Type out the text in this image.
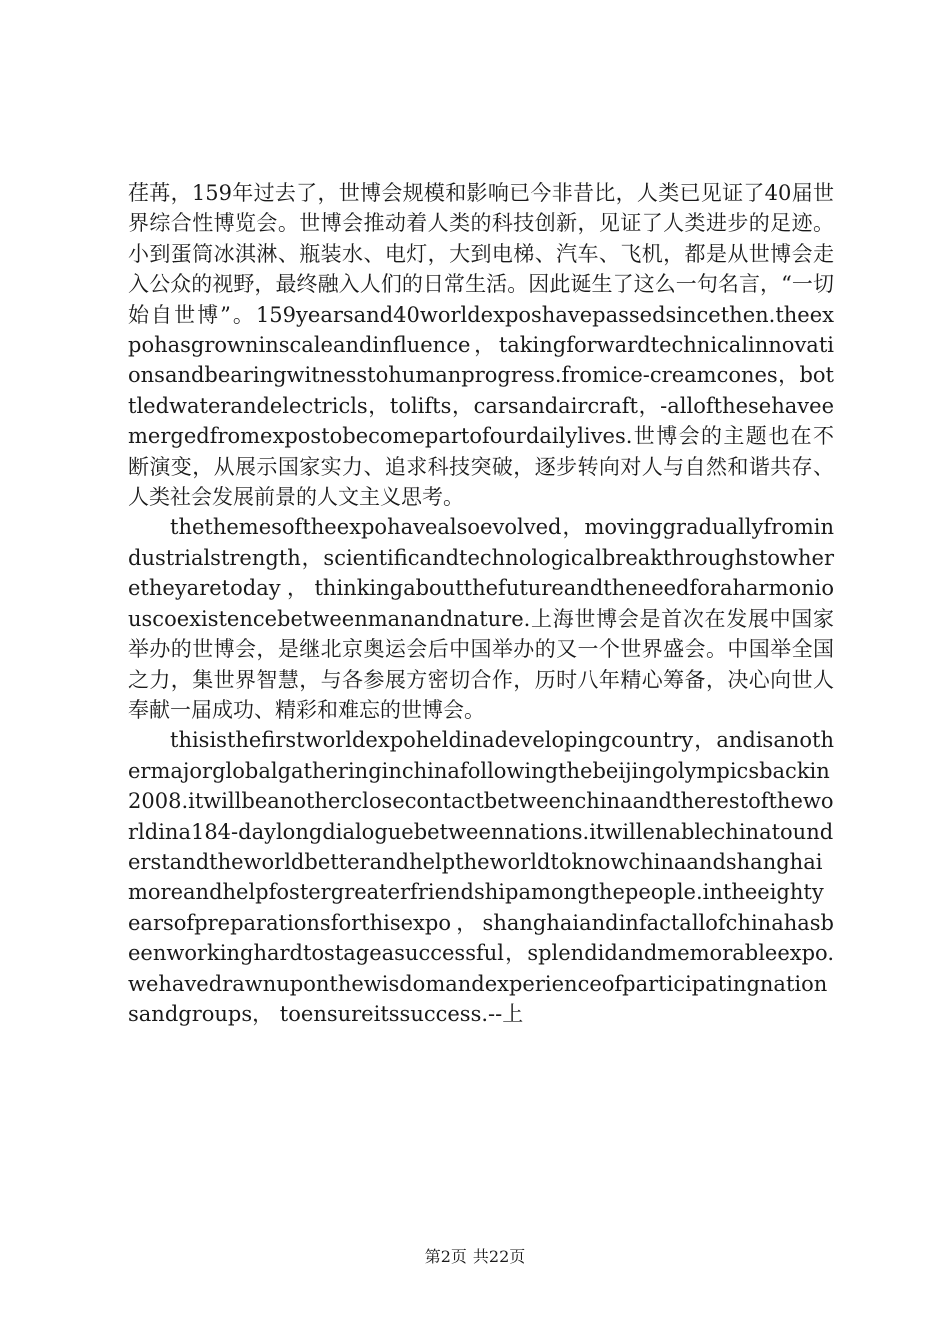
荏苒，159年过去了，世博会规模和影响已今非昔比，人类已见证了40届世界综合性博览会。世博会推动着人类的科技创新，见证了人类进步的足迹。小到蛋筒冰淇淋、瓶装水、电灯，大到电梯、汽车、飞机，都是从世博会走入公众的视野，最终融入人们的日常生活。因此诞生了这么一句名言，“一切始自世博”。159yearsand40worldexposhavepassedsincethen.theexpohasgrowninscaleandinfluence，takingforwardtechnicalinnovationsandbearingwitnesstohumanprogress.fromice-creamcones，bottledwaterandelectricls，tolifts，carsandaircraft，-allofthesehaveemergedfromexpostobecomepartofourdailylives.世博会的主题也在不断演变，从展示国家实力、追求科技突破，逐步转向对人与自然和谐共存、人类社会发展前景的人文主义思考。

thethemesoftheexpohavealsoevolved，movinggraduallyfromindustrialstrength，scientificandtechnologicalbreakthroughstowheretheyaretoday，thinkingaboutthefutureandtheneedforaharmoniouscoexistencebetweenmanandnature.上海世博会是首次在发展中国家举办的世博会，是继北京奥运会后中国举办的又一个世界盛会。中国举全国之力，集世界智慧，与各参展方密切合作，历时八年精心筹备，决心向世人奉献一届成功、精彩和难忘的世博会。

thisisthefirstworldexpoheldinadevelopingcountry，andisanothermajorglobalgatheringinchinafollowingthebeijingolympicsbackin2008.itwillbeanotherclosecontactbetweenchinaandtherestoftheworldina184-daylongdialoguebetweennations.itwillenablechinatounderstandtheworldbetterandhelptheworldtoknowchinaandshanghaimoreandhelpfostergreaterfriendshipamongthepeople.intheeightyearsofpreparationsforthisexpo，shanghaiandinfactallofchinahasbeenworkinghardtostageasuccessful，splendidandmemorableexpo.wehavedrawnuponthewisdomandexperienceofparticipatingnationsandgroups， toensureitssuccess.--上

第2页 共22页
